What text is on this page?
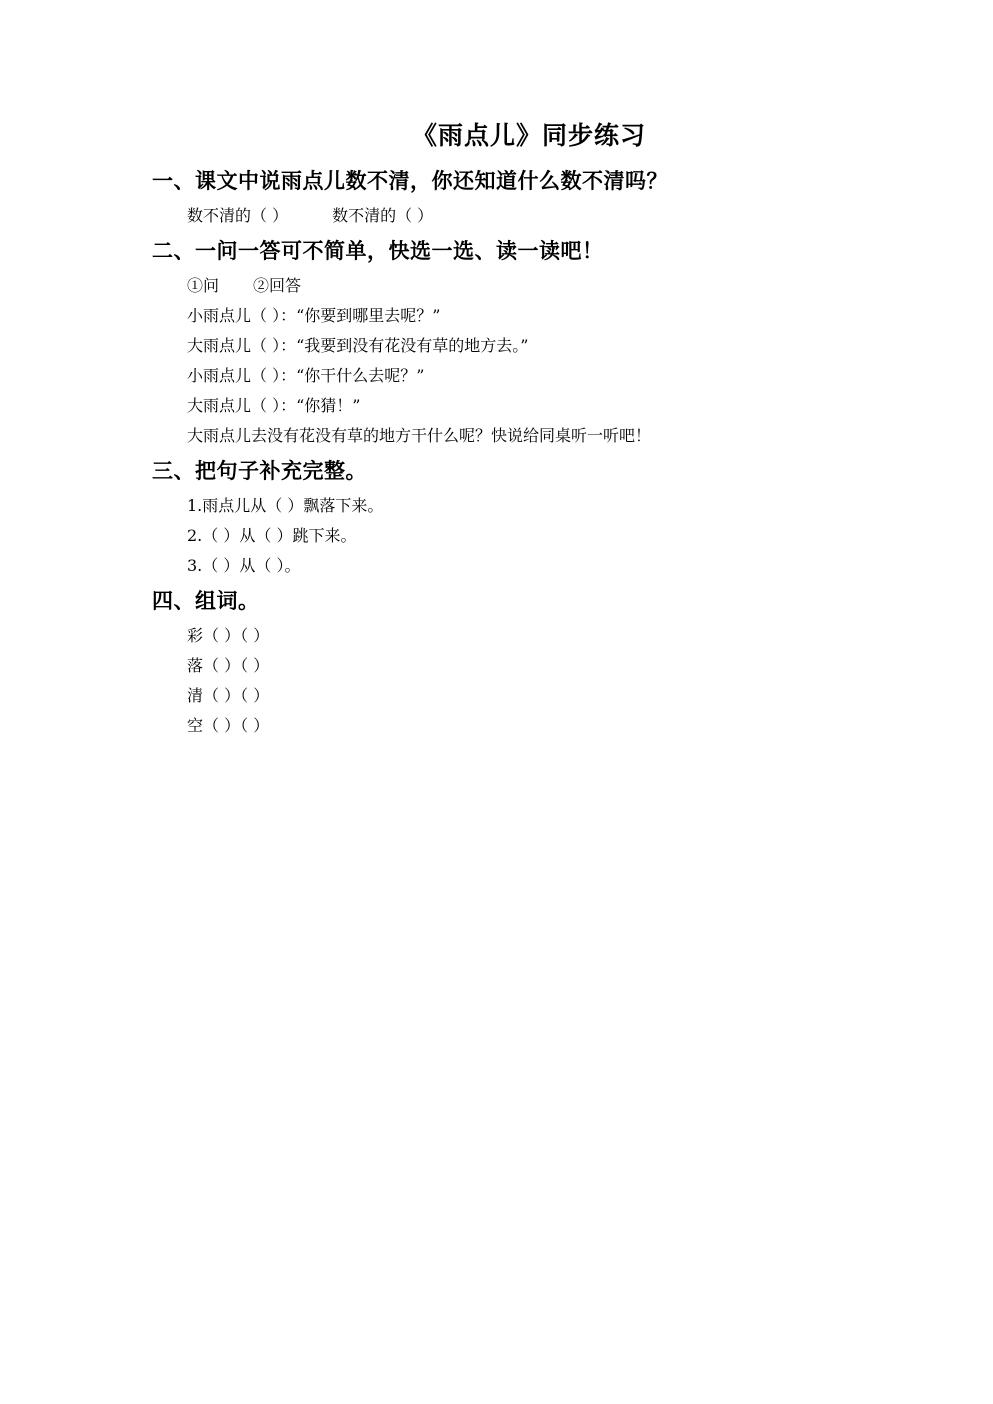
《雨点儿》同步练习
一、课文中说雨点儿数不清，你还知道什么数不清吗？
数不清的（ ）	数不清的（ ）
二、一问一答可不简单，快选一选、读一读吧！
①问 ②回答
小雨点儿（ ）：“你要到哪里去呢？”
大雨点儿（ ）：“我要到没有花没有草的地方去。”
小雨点儿（ ）：“你干什么去呢？”
大雨点儿（ ）：“你猜！”
大雨点儿去没有花没有草的地方干什么呢？快说给同桌听一听吧！
三、把句子补充完整。
1.雨点儿从（ ）飘落下来。
2.（ ）从（ ）跳下来。
3.（ ）从（ ）。
四、组词。
彩（ ）（ ）
落（ ）（ ）
清（ ）（ ）
空（ ）（ ）
